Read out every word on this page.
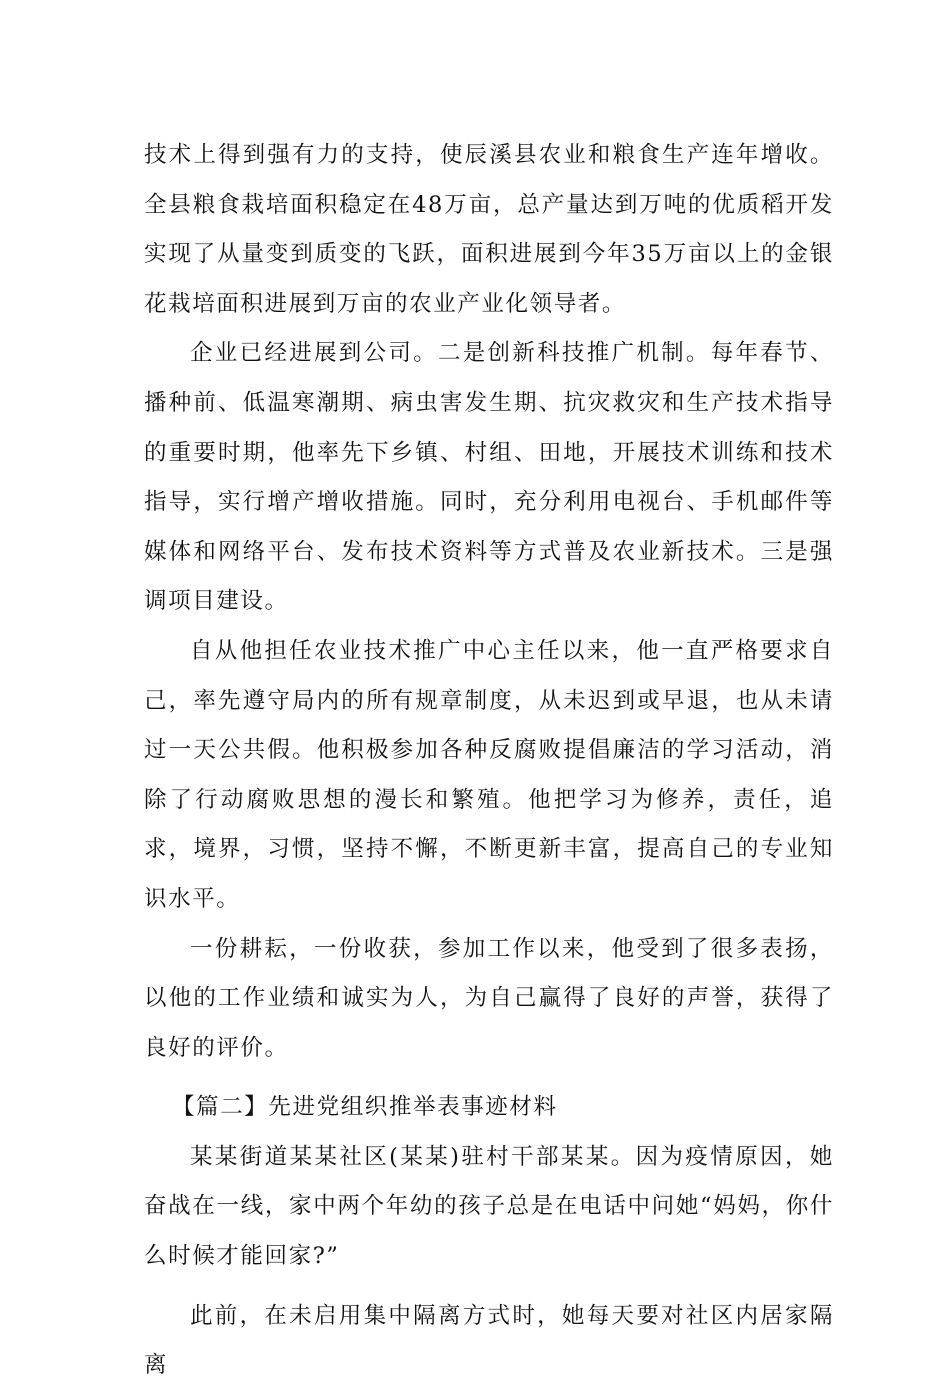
技术上得到强有力的支持，使辰溪县农业和粮食生产连年增收。全县粮食栽培面积稳定在48万亩，总产量达到万吨的优质稻开发实现了从量变到质变的飞跃，面积进展到今年35万亩以上的金银花栽培面积进展到万亩的农业产业化领导者。

企业已经进展到公司。二是创新科技推广机制。每年春节、播种前、低温寒潮期、病虫害发生期、抗灾救灾和生产技术指导的重要时期，他率先下乡镇、村组、田地，开展技术训练和技术指导，实行增产增收措施。同时，充分利用电视台、手机邮件等媒体和网络平台、发布技术资料等方式普及农业新技术。三是强调项目建设。

自从他担任农业技术推广中心主任以来，他一直严格要求自己，率先遵守局内的所有规章制度，从未迟到或早退，也从未请过一天公共假。他积极参加各种反腐败提倡廉洁的学习活动，消除了行动腐败思想的漫长和繁殖。他把学习为修养，责任，追求，境界，习惯，坚持不懈，不断更新丰富，提高自己的专业知识水平。

一份耕耘，一份收获，参加工作以来，他受到了很多表扬，以他的工作业绩和诚实为人，为自己赢得了良好的声誉，获得了良好的评价。

【篇二】先进党组织推举表事迹材料

某某街道某某社区(某某)驻村干部某某。因为疫情原因，她奋战在一线，家中两个年幼的孩子总是在电话中问她“妈妈，你什么时候才能回家?”

此前，在未启用集中隔离方式时，她每天要对社区内居家隔离
